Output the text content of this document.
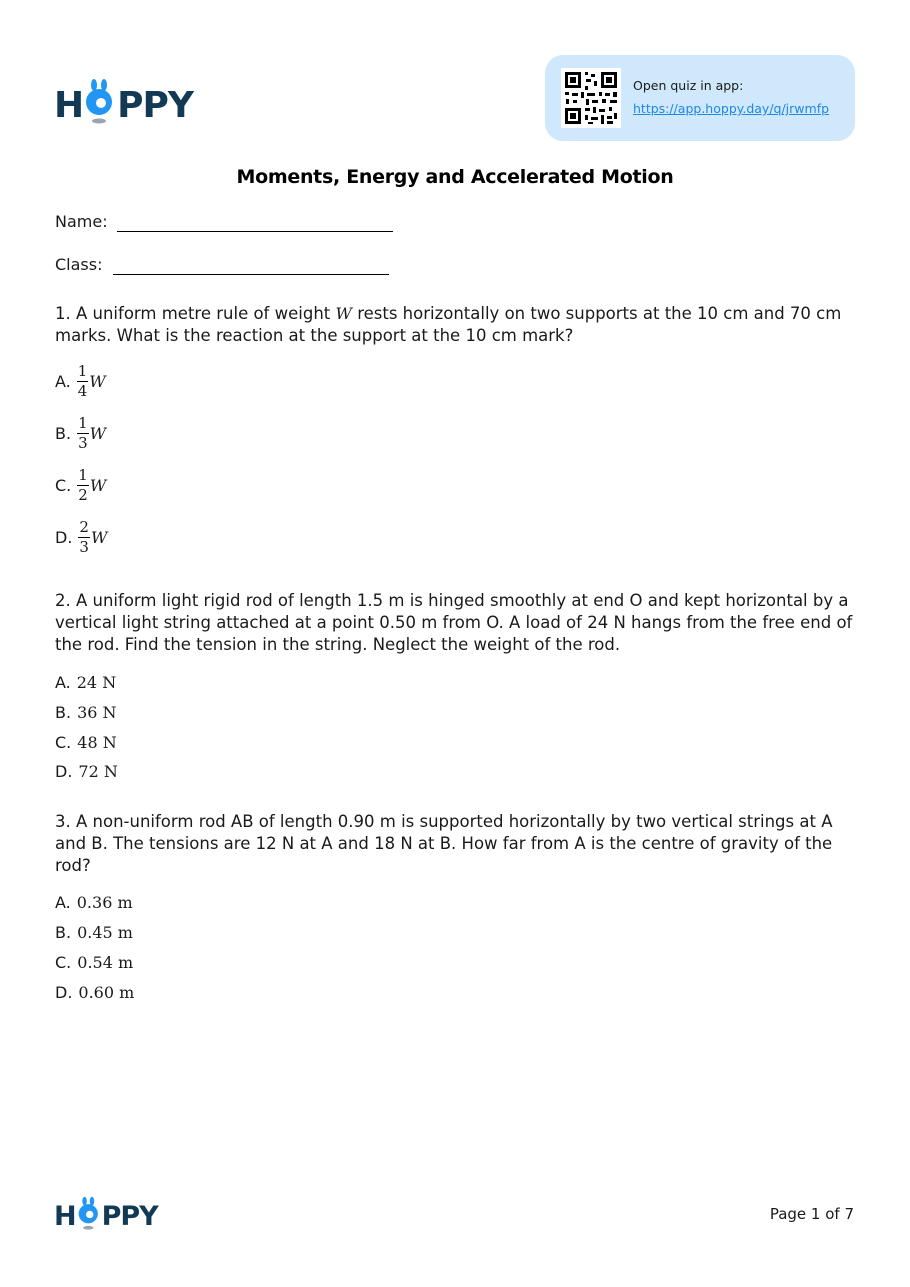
H PPY	Open quiz in app:
https://app.hoppy.day/q/jrwmfp
Moments, Energy and Accelerated Motion
Name:
Class:
1. A uniform metre rule of weight W rests horizontally on two supports at the 10 cm and 70 cm marks. What is the reaction at the support at the 10 cm mark?
A. $\frac{1}{4}$ W
B. $\frac{1}{3}$ W
C. $\frac{1}{2}$ W
D. $\frac{2}{3}$ W
2. A uniform light rigid rod of length 1.5 m is hinged smoothly at end O and kept horizontal by a vertical light string attached at a point 0.50 m from O. A load of 24 N hangs from the free end of the rod. Find the tension in the string. Neglect the weight of the rod.
A. 24 N
B. 36 N
C. 48 N
D. 72 N
3. A non-uniform rod AB of length 0.90 m is supported horizontally by two vertical strings at A and B. The tensions are 12 N at A and 18 N at B. How far from A is the centre of gravity of the rod?
A. 0.36 m
B. 0.45 m
C. 0.54 m
D. 0.60 m
H PPY	Page 1 of 7
